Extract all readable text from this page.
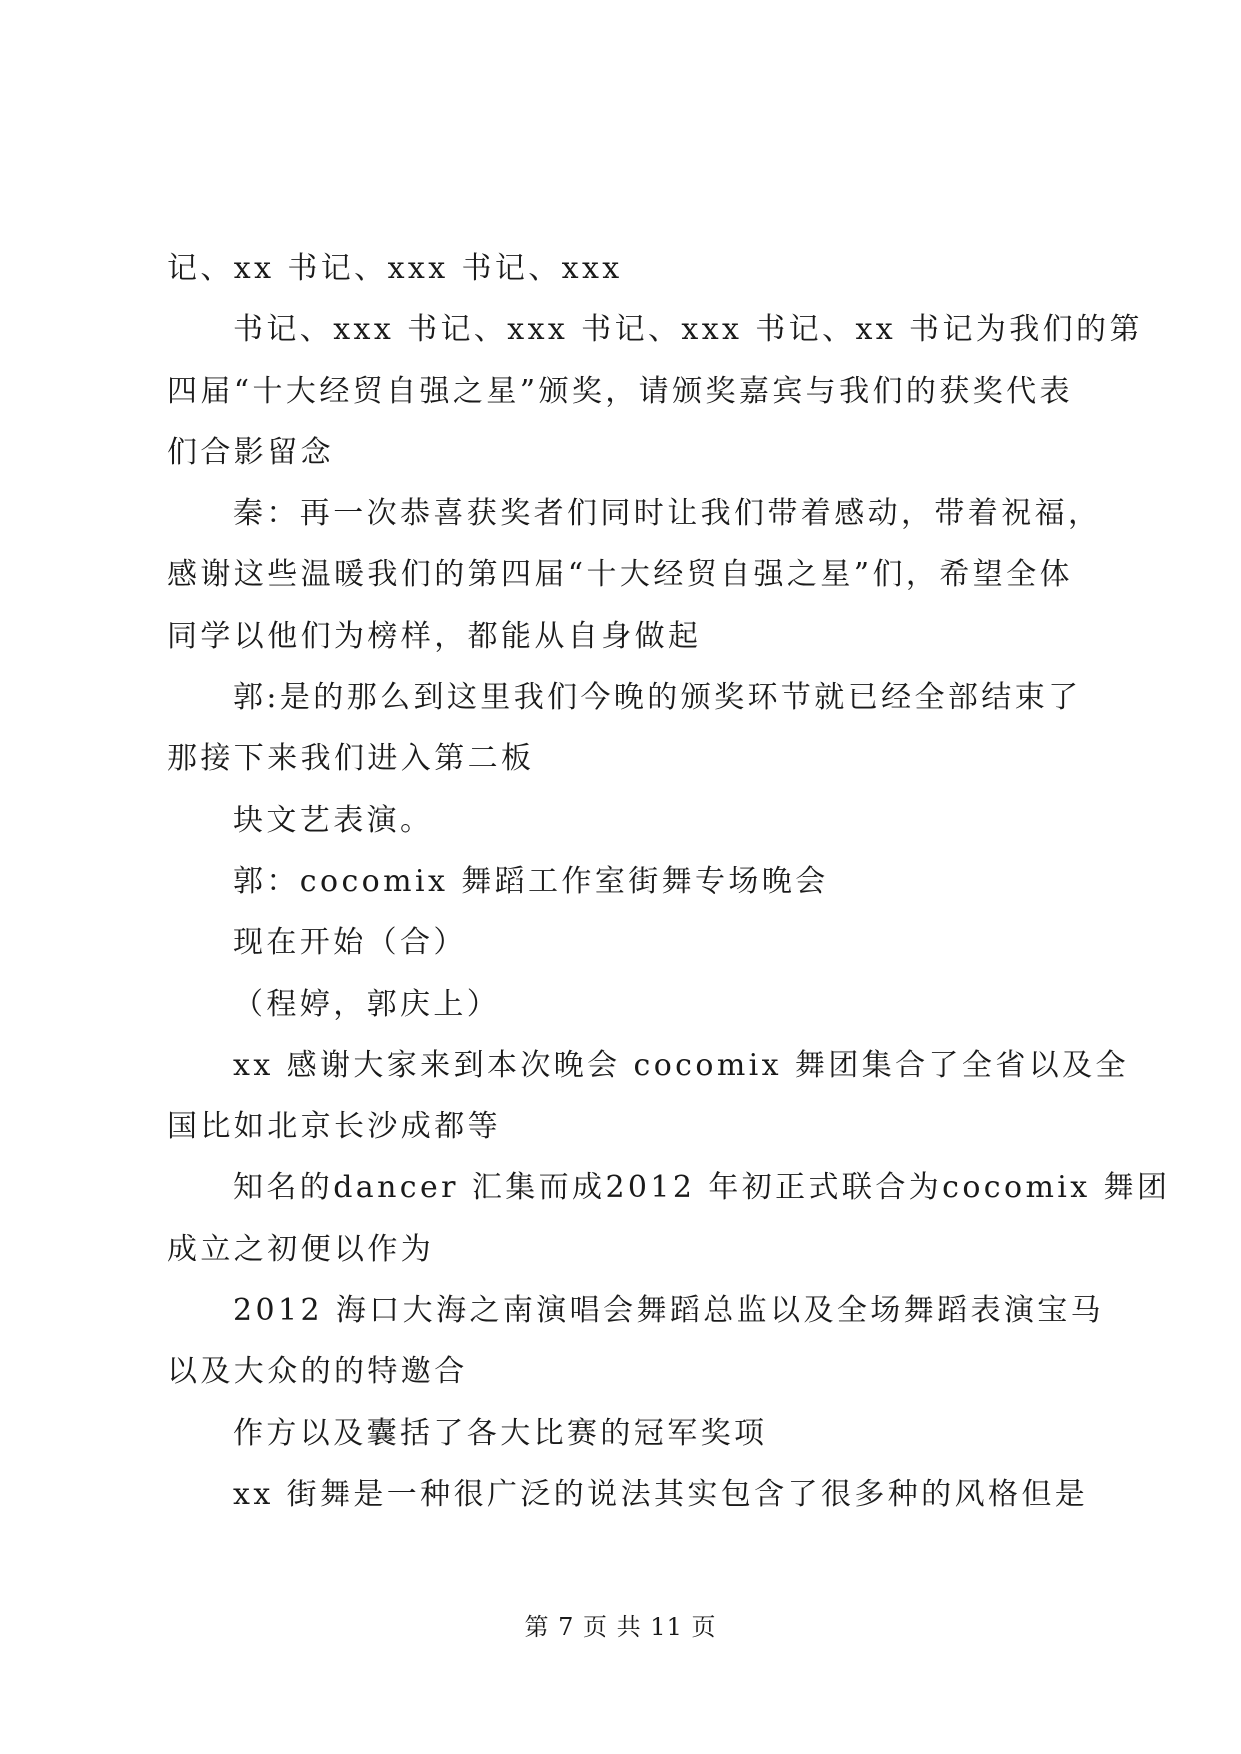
记、xx 书记、xxx 书记、xxx
书记、xxx 书记、xxx 书记、xxx 书记、xx 书记为我们的第
四届“十大经贸自强之星”颁奖，请颁奖嘉宾与我们的获奖代表
们合影留念
秦：再一次恭喜获奖者们同时让我们带着感动，带着祝福，
感谢这些温暖我们的第四届“十大经贸自强之星”们，希望全体
同学以他们为榜样，都能从自身做起
郭:是的那么到这里我们今晚的颁奖环节就已经全部结束了
那接下来我们进入第二板
块文艺表演。
郭：cocomix 舞蹈工作室街舞专场晚会
现在开始（合）
（程婷，郭庆上）
xx 感谢大家来到本次晚会 cocomix 舞团集合了全省以及全
国比如北京长沙成都等
知名的dancer 汇集而成2012 年初正式联合为cocomix 舞团
成立之初便以作为
2012 海口大海之南演唱会舞蹈总监以及全场舞蹈表演宝马
以及大众的的特邀合
作方以及囊括了各大比赛的冠军奖项
xx 街舞是一种很广泛的说法其实包含了很多种的风格但是
第 7 页 共 11 页
